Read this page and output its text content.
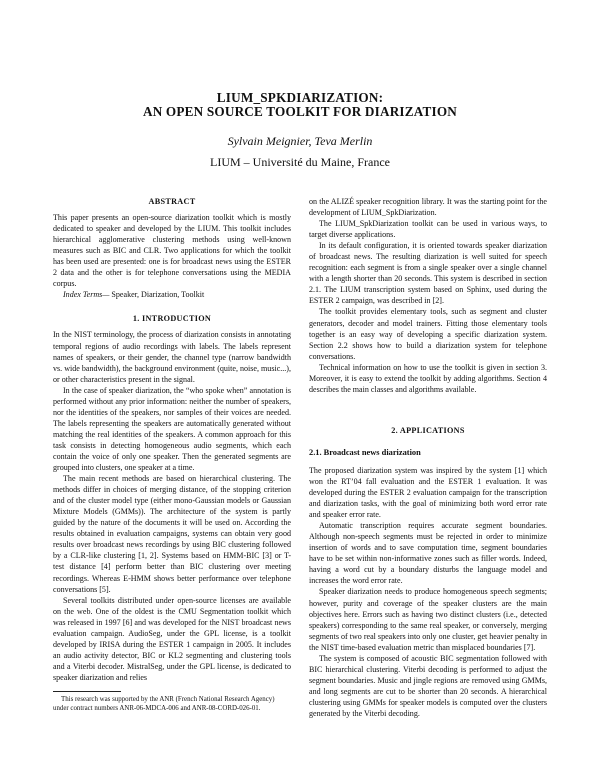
LIUM_SPKDIARIZATION:
AN OPEN SOURCE TOOLKIT FOR DIARIZATION
Sylvain Meignier, Teva Merlin
LIUM – Université du Maine, France
ABSTRACT

This paper presents an open-source diarization toolkit which is mostly dedicated to speaker and developed by the LIUM. This toolkit includes hierarchical agglomerative clustering methods using well-known measures such as BIC and CLR. Two applications for which the toolkit has been used are presented: one is for broadcast news using the ESTER 2 data and the other is for telephone conversations using the MEDIA corpus.

Index Terms— Speaker, Diarization, Toolkit

1. INTRODUCTION

In the NIST terminology, the process of diarization consists in annotating temporal regions of audio recordings with labels. The labels represent names of speakers, or their gender, the channel type (narrow bandwidth vs. wide bandwidth), the background environment (quite, noise, music...), or other characteristics present in the signal.

In the case of speaker diarization, the “who spoke when” annotation is performed without any prior information: neither the number of speakers, nor the identities of the speakers, nor samples of their voices are needed. The labels representing the speakers are automatically generated without matching the real identities of the speakers. A common approach for this task consists in detecting homogeneous audio segments, which each contain the voice of only one speaker. Then the generated segments are grouped into clusters, one speaker at a time.

The main recent methods are based on hierarchical clustering. The methods differ in choices of merging distance, of the stopping criterion and of the cluster model type (either mono-Gaussian models or Gaussian Mixture Models (GMMs)). The architecture of the system is partly guided by the nature of the documents it will be used on. According the results obtained in evaluation campaigns, systems can obtain very good results over broadcast news recordings by using BIC clustering followed by a CLR-like clustering [1, 2]. Systems based on HMM-BIC [3] or T-test distance [4] perform better than BIC clustering over meeting recordings. Whereas E-HMM shows better performance over telephone conversations [5].

Several toolkits distributed under open-source licenses are available on the web. One of the oldest is the CMU Segmentation toolkit which was released in 1997 [6] and was developed for the NIST broadcast news evaluation campaign. AudioSeg, under the GPL license, is a toolkit developed by IRISA during the ESTER 1 campaign in 2005. It includes an audio activity detector, BIC or KL2 segmenting and clustering tools and a Viterbi decoder. MistralSeg, under the GPL license, is dedicated to speaker diarization and relies

This research was supported by the ANR (French National Research Agency) under contract numbers ANR-06-MDCA-006 and ANR-08-CORD-026-01.

on the ALIZÉ speaker recognition library. It was the starting point for the development of LIUM_SpkDiarization.

The LIUM_SpkDiarization toolkit can be used in various ways, to target diverse applications.

In its default configuration, it is oriented towards speaker diarization of broadcast news. The resulting diarization is well suited for speech recognition: each segment is from a single speaker over a single channel with a length shorter than 20 seconds. This system is described in section 2.1. The LIUM transcription system based on Sphinx, used during the ESTER 2 campaign, was described in [2].

The toolkit provides elementary tools, such as segment and cluster generators, decoder and model trainers. Fitting those elementary tools together is an easy way of developing a specific diarization system. Section 2.2 shows how to build a diarization system for telephone conversations.

Technical information on how to use the toolkit is given in section 3. Moreover, it is easy to extend the toolkit by adding algorithms. Section 4 describes the main classes and algorithms available.

2. APPLICATIONS
2.1. Broadcast news diarization

The proposed diarization system was inspired by the system [1] which won the RT’04 fall evaluation and the ESTER 1 evaluation. It was developed during the ESTER 2 evaluation campaign for the transcription and diarization tasks, with the goal of minimizing both word error rate and speaker error rate.

Automatic transcription requires accurate segment boundaries. Although non-speech segments must be rejected in order to minimize insertion of words and to save computation time, segment boundaries have to be set within non-informative zones such as filler words. Indeed, having a word cut by a boundary disturbs the language model and increases the word error rate.

Speaker diarization needs to produce homogeneous speech segments; however, purity and coverage of the speaker clusters are the main objectives here. Errors such as having two distinct clusters (i.e., detected speakers) corresponding to the same real speaker, or conversely, merging segments of two real speakers into only one cluster, get heavier penalty in the NIST time-based evaluation metric than misplaced boundaries [7].

The system is composed of acoustic BIC segmentation followed with BIC hierarchical clustering. Viterbi decoding is performed to adjust the segment boundaries. Music and jingle regions are removed using GMMs, and long segments are cut to be shorter than 20 seconds. A hierarchical clustering using GMMs for speaker models is computed over the clusters generated by the Viterbi decoding.
